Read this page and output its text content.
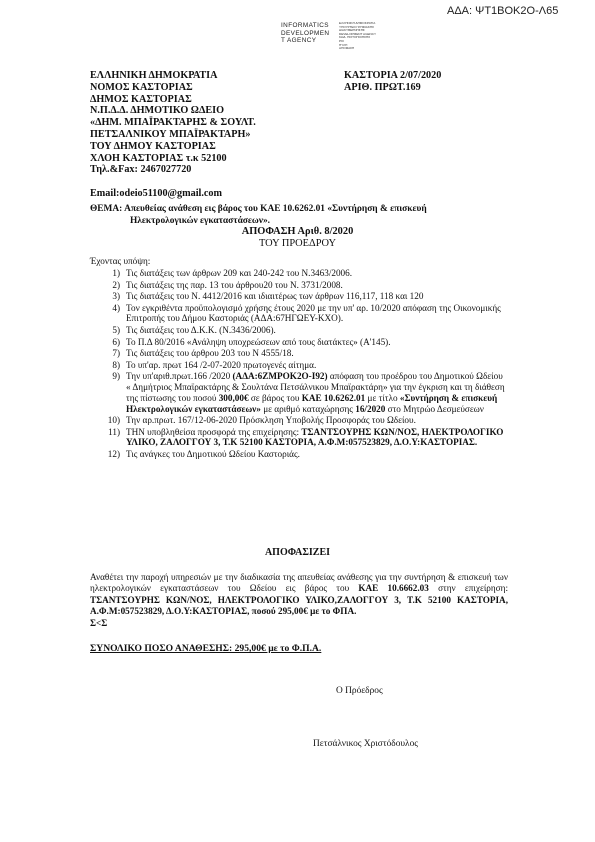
ΑΔΑ: ΨΤ1ΒΟΚ2Ο-Λ65
INFORMATICS
DEVELOPMEN
T AGENCY
ΕΛΛΗΝΙΚΗ ΔΗΜΟΚΡΑΤΙΑ
ΥΠΟΥΡΓΕΙΟ ΨΗΦΙΑΚΗΣ
ΔΙΑΚΥΒΕΡΝΗΣΗΣ
DEVELOPMENT AGENCY
ΚΩΔ. ΠΙΣΤΟΠΟΙΗΣΗΣ
PKI
ΠΥΛΗ
ΑΠΟΦΑΣΗ
ΕΛΛΗΝΙΚΗ ΔΗΜΟΚΡΑΤΙΑ
ΝΟΜΟΣ ΚΑΣΤΟΡΙΑΣ
ΔΗΜΟΣ ΚΑΣΤΟΡΙΑΣ
Ν.Π.Δ.Δ. ΔΗΜΟΤΙΚΟ ΩΔΕΙΟ
«ΔΗΜ. ΜΠΑΪΡΑΚΤΑΡΗΣ & ΣΟΥΛΤ.
ΠΕΤΣΑΛΝΙΚΟΥ ΜΠΑΪΡΑΚΤΑΡΗ»
ΤΟΥ ΔΗΜΟΥ ΚΑΣΤΟΡΙΑΣ
ΧΛΟΗ ΚΑΣΤΟΡΙΑΣ τ.κ 52100
Τηλ.&Fax: 2467027720
ΚΑΣΤΟΡΙΑ 2/07/2020
ΑΡΙΘ. ΠΡΩΤ.169
Email:odeio51100@gmail.com
ΘΕΜΑ: Απευθείας ανάθεση εις βάρος του ΚΑΕ 10.6262.01 «Συντήρηση & επισκευή
Ηλεκτρολογικών εγκαταστάσεων».
ΑΠΟΦΑΣΗ Αριθ. 8/2020
ΤΟΥ ΠΡΟΕΔΡΟΥ
Έχοντας υπόψη:
1) Τις διατάξεις των άρθρων 209 και 240-242 του Ν.3463/2006.
2) Τις διατάξεις της παρ. 13 του άρθρου20 του Ν. 3731/2008.
3) Τις διατάξεις του Ν. 4412/2016 και ιδιαιτέρως των άρθρων 116,117, 118 και 120
4) Τον εγκριθέντα προϋπολογισμό χρήσης έτους 2020 με την υπ' αρ. 10/2020 απόφαση της Οικονομικής Επιτροπής του Δήμου Καστοριάς (ΑΔΑ:67ΗΓΩΕΥ-ΚΧΟ).
5) Τις διατάξεις του Δ.Κ.Κ. (Ν.3436/2006).
6) Το Π.Δ 80/2016 «Ανάληψη υποχρεώσεων από τους διατάκτες» (Α'145).
7) Τις διατάξεις του άρθρου 203 του Ν 4555/18.
8) Το υπ'αρ. πρωτ 164 /2-07-2020 πρωτογενές αίτημα.
9) Την υπ'αριθ.πρωτ.166 /2020 (ΑΔΑ:6ΖΜΡΟΚ2Ο-Ι92) απόφαση του προέδρου του Δημοτικού Ωδείου « Δημήτριος Μπαϊρακτάρης & Σουλτάνα Πετσάλνικου Μπαϊρακτάρη» για την έγκριση και τη διάθεση της πίστωσης του ποσού 300,00€ σε βάρος του ΚΑΕ 10.6262.01 με τίτλο «Συντήρηση & επισκευή Ηλεκτρολογικών εγκαταστάσεων» με αριθμό καταχώρησης 16/2020 στο Μητρώο Δεσμεύσεων
10) Την αρ.πρωτ. 167/12-06-2020 Πρόσκληση Υποβολής Προσφοράς του Ωδείου.
11) ΤΗΝ υποβληθείσα προσφορά της επιχείρησης: ΤΣΑΝΤΣΟΥΡΗΣ ΚΩΝ/ΝΟΣ, ΗΛΕΚΤΡΟΛΟΓΙΚΟ ΥΛΙΚΟ, ΖΑΛΟΓΓΟΥ 3, Τ.Κ 52100 ΚΑΣΤΟΡΙΑ, Α.Φ.Μ:057523829, Δ.Ο.Υ:ΚΑΣΤΟΡΙΑΣ.
12) Τις ανάγκες του Δημοτικού Ωδείου Καστοριάς.
ΑΠΟΦΑΣΙΖΕΙ
Αναθέτει την παροχή υπηρεσιών με την διαδικασία της απευθείας ανάθεσης για την συντήρηση & επισκευή των ηλεκτρολογικών εγκαταστάσεων του Ωδείου εις βάρος του ΚΑΕ 10.6662.03 στην επιχείρηση: ΤΣΑΝΤΣΟΥΡΗΣ ΚΩΝ/ΝΟΣ, ΗΛΕΚΤΡΟΛΟΓΙΚΟ ΥΛΙΚΟ,ΖΑΛΟΓΓΟΥ 3, Τ.Κ 52100 ΚΑΣΤΟΡΙΑ, Α.Φ.Μ:057523829, Δ.Ο.Υ:ΚΑΣΤΟΡΙΑΣ, ποσού 295,00€ με το ΦΠΑ.
Σ<Σ
ΣΥΝΟΛΙΚΟ ΠΟΣΟ ΑΝΑΘΕΣΗΣ: 295,00€ με το Φ.Π.Α.
Ο Πρόεδρος
Πετσάλνικος Χριστόδουλος
